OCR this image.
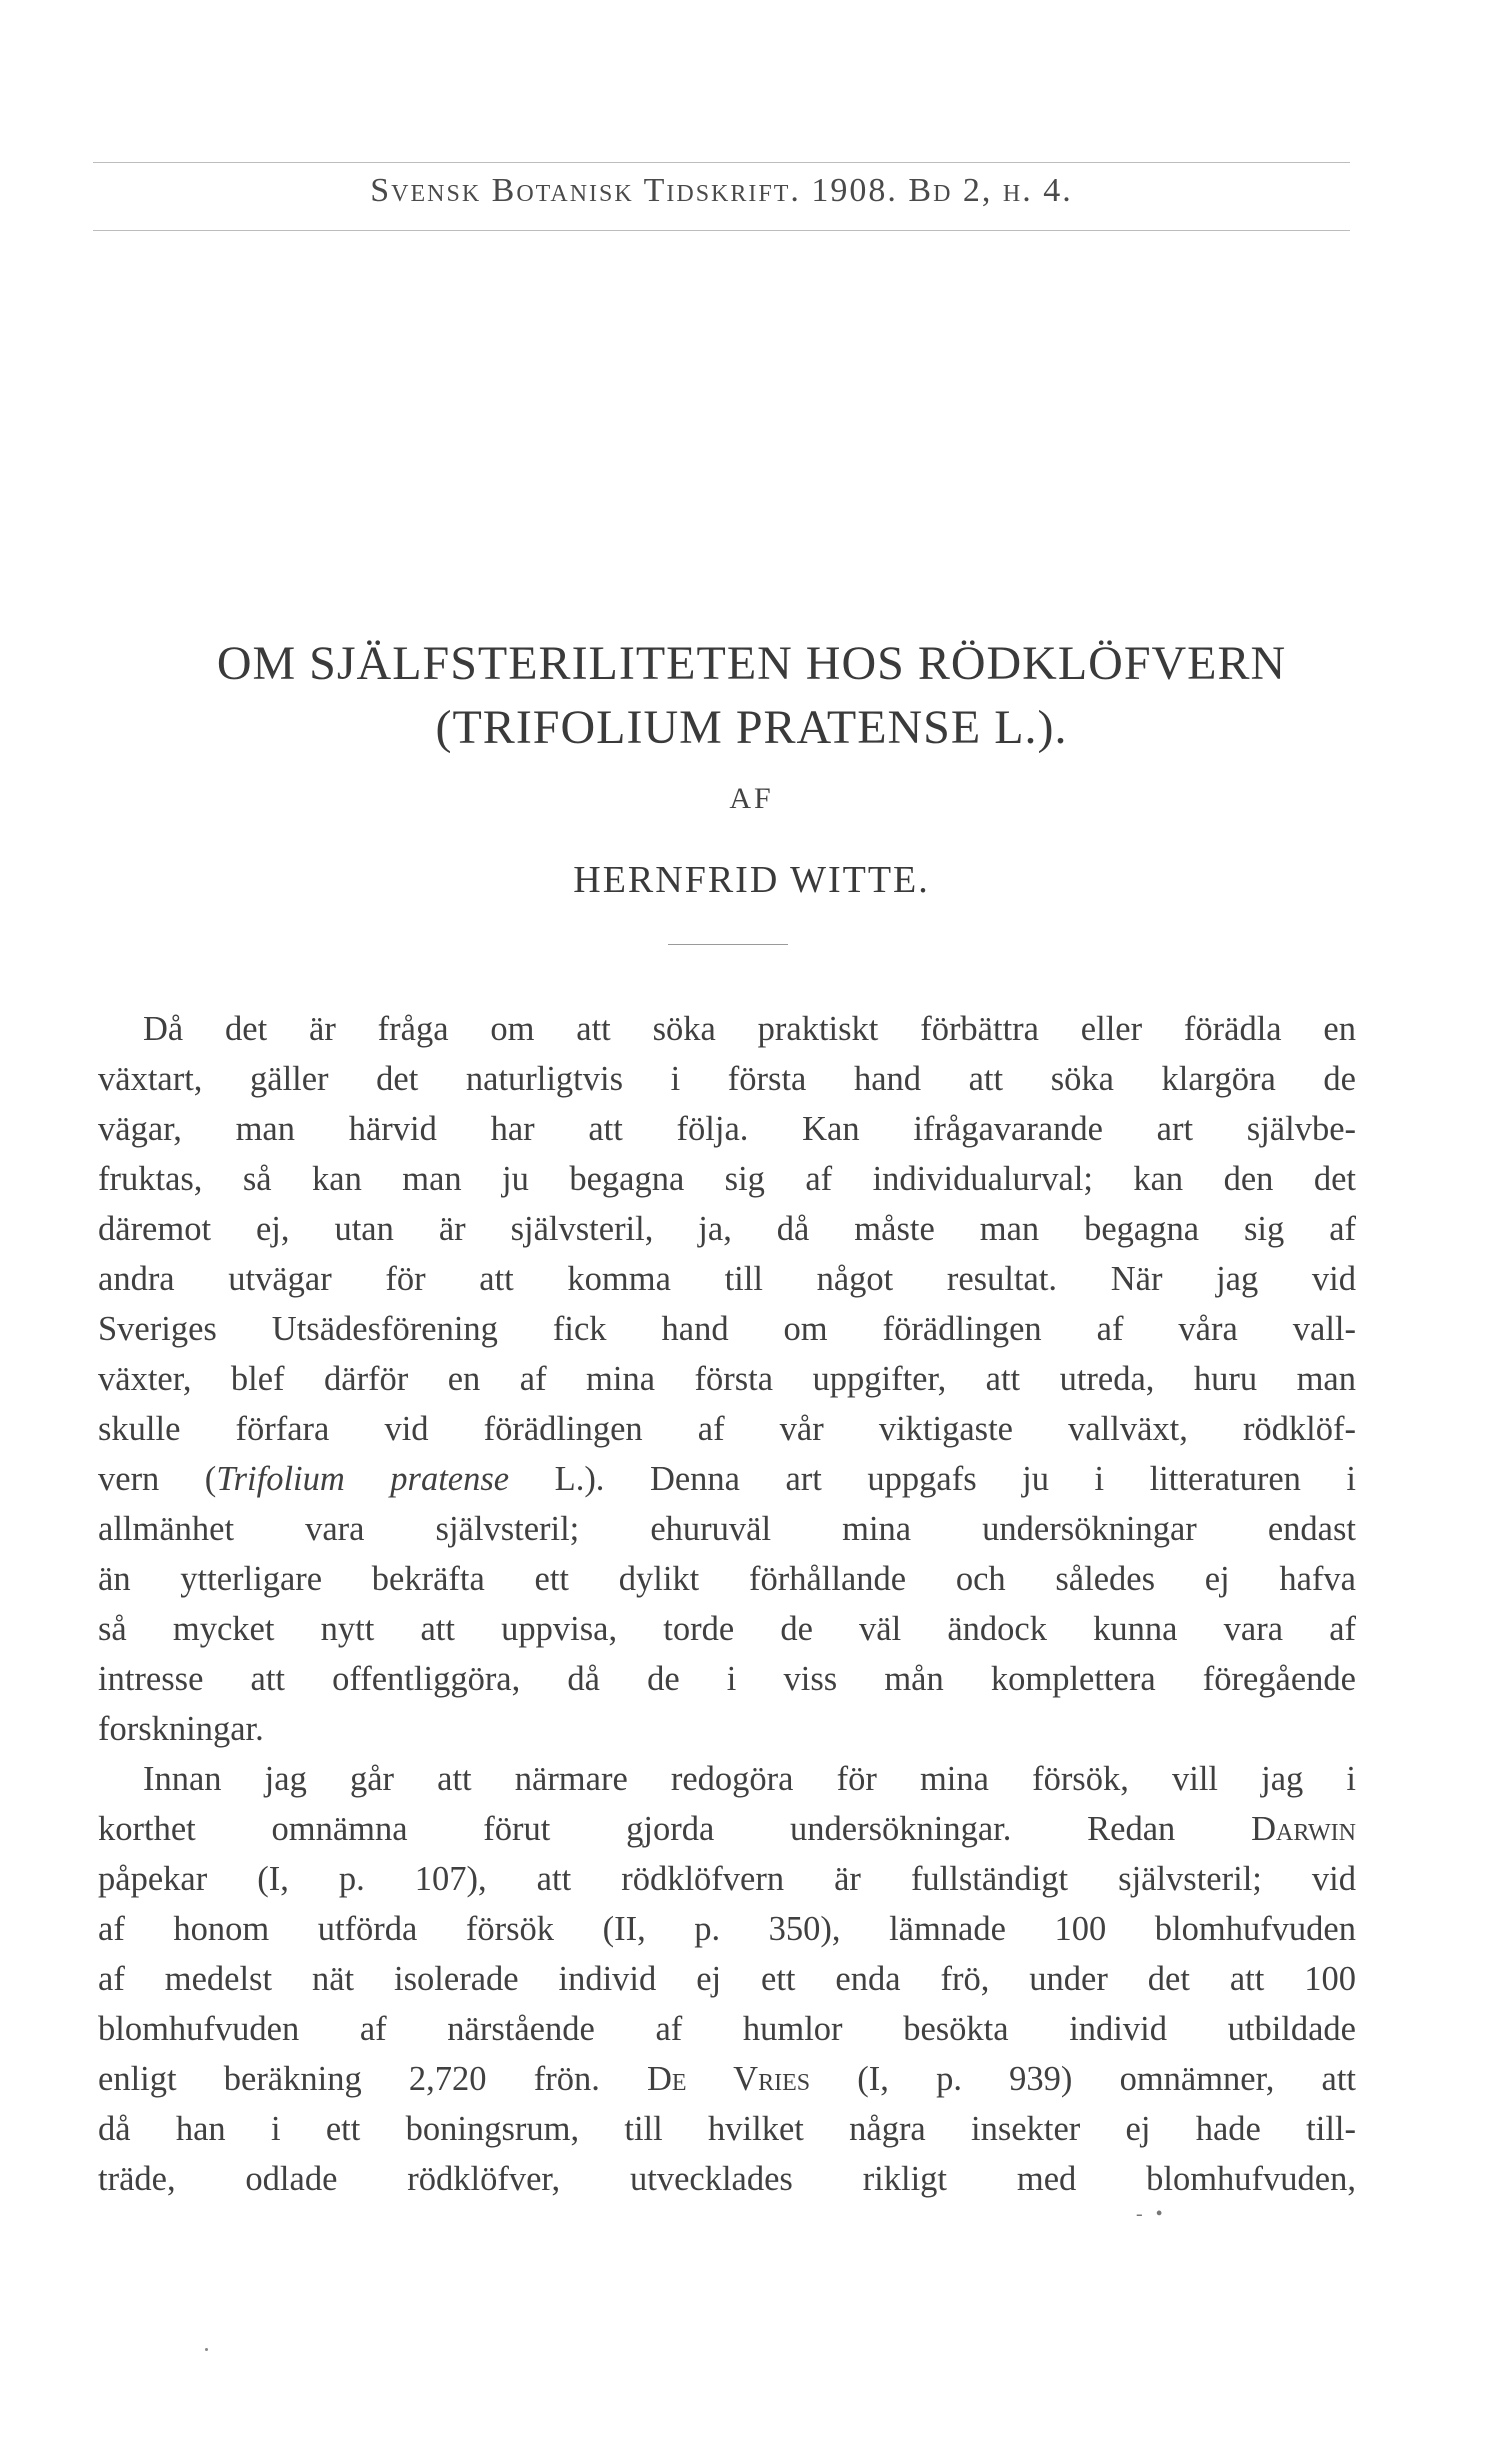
Svensk Botanisk Tidskrift. 1908. Bd 2, h. 4.
OM SJÄLFSTERILITETEN HOS RÖDKLÖFVERN
(TRIFOLIUM PRATENSE L.).
AF
HERNFRID WITTE.
Då det är fråga om att söka praktiskt förbättra eller förädla en
växtart, gäller det naturligtvis i första hand att söka klargöra de
vägar, man härvid har att följa. Kan ifrågavarande art självbe-
fruktas, så kan man ju begagna sig af individualurval; kan den det
däremot ej, utan är självsteril, ja, då måste man begagna sig af
andra utvägar för att komma till något resultat. När jag vid
Sveriges Utsädesförening fick hand om förädlingen af våra vall-
växter, blef därför en af mina första uppgifter, att utreda, huru man
skulle förfara vid förädlingen af vår viktigaste vallväxt, rödklöf-
vern (Trifolium pratense L.). Denna art uppgafs ju i litteraturen i
allmänhet vara självsteril; ehuruväl mina undersökningar endast
än ytterligare bekräfta ett dylikt förhållande och således ej hafva
så mycket nytt att uppvisa, torde de väl ändock kunna vara af
intresse att offentliggöra, då de i viss mån komplettera föregående
forskningar.
Innan jag går att närmare redogöra för mina försök, vill jag i
korthet omnämna förut gjorda undersökningar. Redan Darwin
påpekar (I, p. 107), att rödklöfvern är fullständigt självsteril; vid
af honom utförda försök (II, p. 350), lämnade 100 blomhufvuden
af medelst nät isolerade individ ej ett enda frö, under det att 100
blomhufvuden af närstående af humlor besökta individ utbildade
enligt beräkning 2,720 frön. De Vries (I, p. 939) omnämner, att
då han i ett boningsrum, till hvilket några insekter ej hade till-
träde, odlade rödklöfver, utvecklades rikligt med blomhufvuden,
- •
